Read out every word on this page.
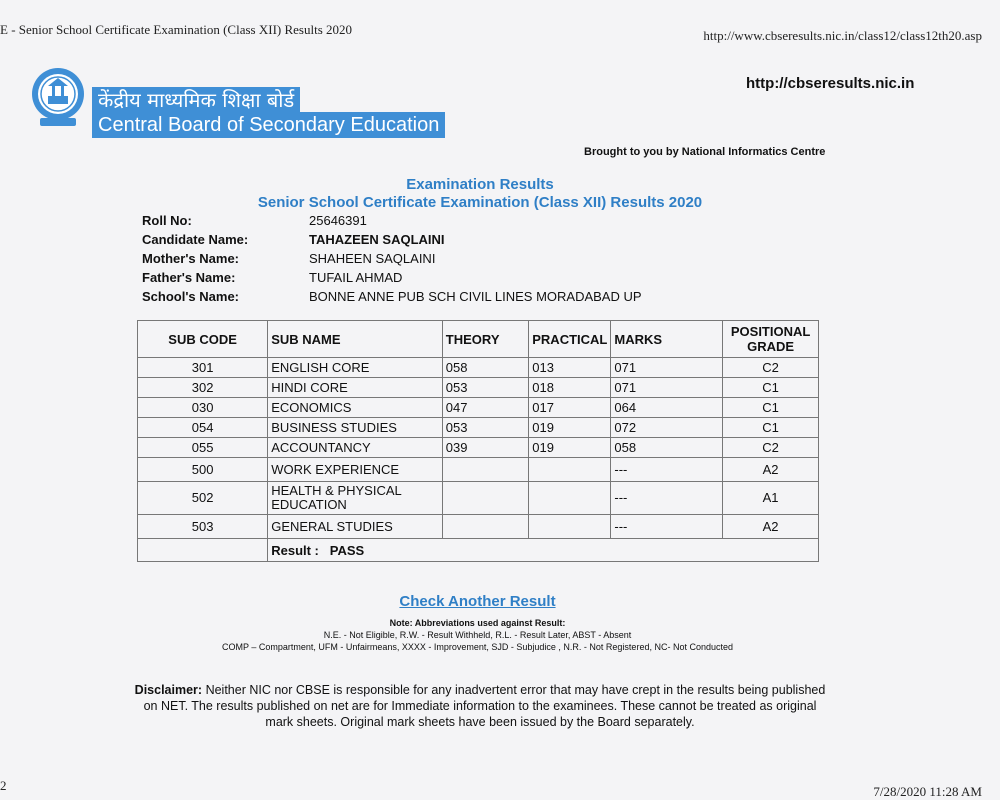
E - Senior School Certificate Examination (Class XII) Results 2020	http://www.cbseresults.nic.in/class12/class12th20.asp
केंद्रीय माध्यमिक शिक्षा बोर्ड
Central Board of Secondary Education
http://cbseresults.nic.in
Brought to you by National Informatics Centre
Examination Results
Senior School Certificate Examination (Class XII) Results 2020
Roll No:	25646391
Candidate Name:	TAHAZEEN SAQLAINI
Mother's Name:	SHAHEEN SAQLAINI
Father's Name:	TUFAIL AHMAD
School's Name:	BONNE ANNE PUB SCH CIVIL LINES MORADABAD UP
SUB CODE	SUB NAME	THEORY	PRACTICAL	MARKS	POSITIONAL GRADE
301	ENGLISH CORE	058	013	071	C2
302	HINDI CORE	053	018	071	C1
030	ECONOMICS	047	017	064	C1
054	BUSINESS STUDIES	053	019	072	C1
055	ACCOUNTANCY	039	019	058	C2
500	WORK EXPERIENCE			---	A2
502	HEALTH & PHYSICAL EDUCATION			---	A1
503	GENERAL STUDIES			---	A2
	Result : PASS				
Check Another Result
Note: Abbreviations used against Result:
N.E. - Not Eligible, R.W. - Result Withheld, R.L. - Result Later, ABST - Absent
COMP – Compartment, UFM - Unfairmeans, XXXX - Improvement, SJD - Subjudice , N.R. - Not Registered, NC- Not Conducted
Disclaimer: Neither NIC nor CBSE is responsible for any inadvertent error that may have crept in the results being published on NET. The results published on net are for Immediate information to the examinees. These cannot be treated as original mark sheets. Original mark sheets have been issued by the Board separately.
2	7/28/2020 11:28 AM
